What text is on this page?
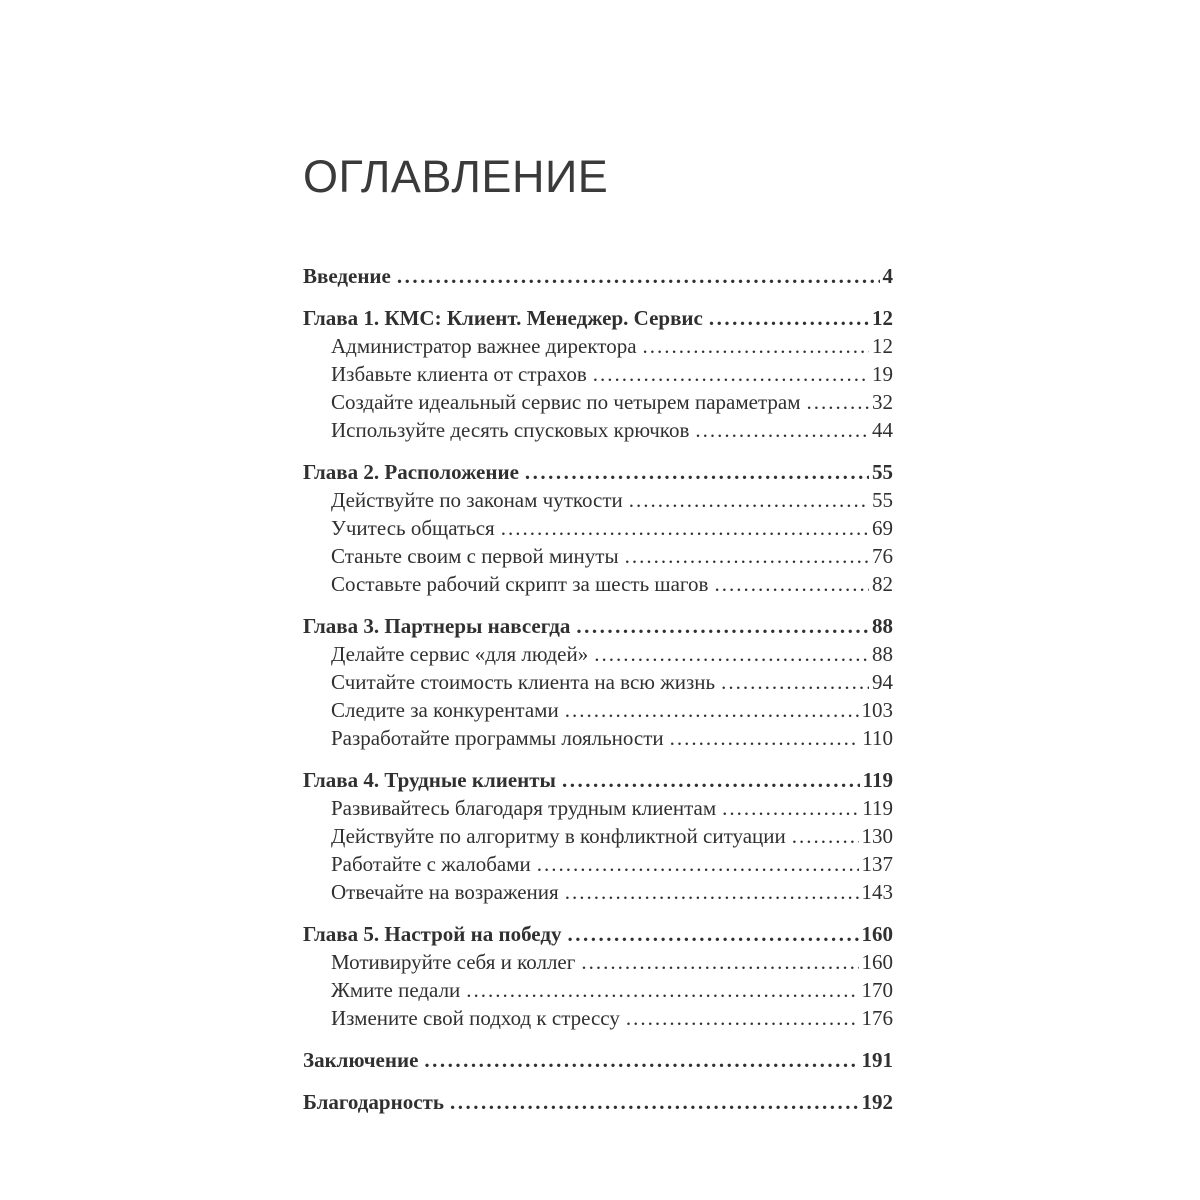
ОГЛАВЛЕНИЕ
Введение .....	4
Глава 1. КМС: Клиент. Менеджер. Сервис .....	12
Администратор важнее директора .....	12
Избавьте клиента от страхов .....	19
Создайте идеальный сервис по четырем параметрам .....	32
Используйте десять спусковых крючков .....	44
Глава 2. Расположение .....	55
Действуйте по законам чуткости .....	55
Учитесь общаться .....	69
Станьте своим с первой минуты .....	76
Составьте рабочий скрипт за шесть шагов .....	82
Глава 3. Партнеры навсегда .....	88
Делайте сервис «для людей» .....	88
Считайте стоимость клиента на всю жизнь .....	94
Следите за конкурентами .....	103
Разработайте программы лояльности .....	110
Глава 4. Трудные клиенты .....	119
Развивайтесь благодаря трудным клиентам .....	119
Действуйте по алгоритму в конфликтной ситуации .....	130
Работайте с жалобами .....	137
Отвечайте на возражения .....	143
Глава 5. Настрой на победу .....	160
Мотивируйте себя и коллег .....	160
Жмите педали .....	170
Измените свой подход к стрессу .....	176
Заключение .....	191
Благодарность .....	192
